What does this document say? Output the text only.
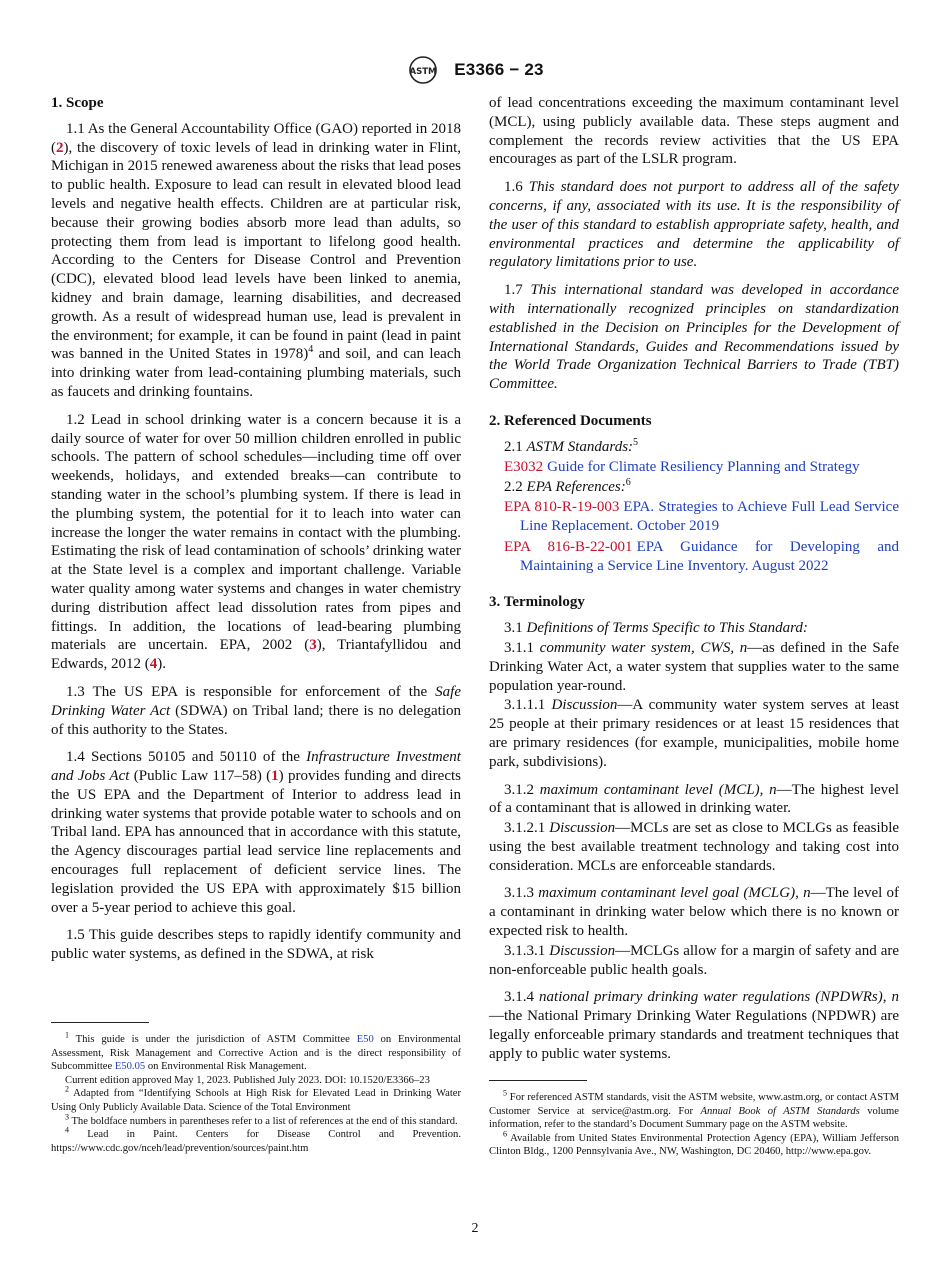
ASTM E3366 − 23
1. Scope

1.1 As the General Accountability Office (GAO) reported in 2018 (2), the discovery of toxic levels of lead in drinking water in Flint, Michigan in 2015 renewed awareness about the risks that lead poses to public health. Exposure to lead can result in elevated blood lead levels and negative health effects. Children are at particular risk, because their growing bodies absorb more lead than adults, so protecting them from lead is important to lifelong good health. According to the Centers for Disease Control and Prevention (CDC), elevated blood lead levels have been linked to anemia, kidney and brain damage, learning disabilities, and decreased growth. As a result of widespread human use, lead is prevalent in the environment; for example, it can be found in paint (lead in paint was banned in the United States in 1978)$^4$ and soil, and can leach into drinking water from lead-containing plumbing materials, such as faucets and drinking fountains.

1.2 Lead in school drinking water is a concern because it is a daily source of water for over 50 million children enrolled in public schools. The pattern of school schedules—including time off over weekends, holidays, and extended breaks—can contribute to standing water in the school’s plumbing system. If there is lead in the plumbing system, the potential for it to leach into water can increase the longer the water remains in contact with the plumbing. Estimating the risk of lead contamination of schools’ drinking water at the State level is a complex and important challenge. Variable water quality among water systems and changes in water chemistry during distribution affect lead dissolution rates from pipes and fittings. In addition, the locations of lead-bearing plumbing materials are uncertain. EPA, 2002 (3), Triantafyllidou and Edwards, 2012 (4).

1.3 The US EPA is responsible for enforcement of the Safe Drinking Water Act (SDWA) on Tribal land; there is no delegation of this authority to the States.

1.4 Sections 50105 and 50110 of the Infrastructure Investment and Jobs Act (Public Law 117–58) (1) provides funding and directs the US EPA and the Department of Interior to address lead in drinking water systems that provide potable water to schools and on Tribal land. EPA has announced that in accordance with this statute, the Agency discourages partial lead service line replacements and encourages full replacement of deficient service lines. The legislation provided the US EPA with approximately $15 billion over a 5-year period to achieve this goal.

1.5 This guide describes steps to rapidly identify community and public water systems, as defined in the SDWA, at risk

of lead concentrations exceeding the maximum contaminant level (MCL), using publicly available data. These steps augment and complement the records review activities that the US EPA encourages as part of the LSLR program.

1.6 This standard does not purport to address all of the safety concerns, if any, associated with its use. It is the responsibility of the user of this standard to establish appropriate safety, health, and environmental practices and determine the applicability of regulatory limitations prior to use.

1.7 This international standard was developed in accordance with internationally recognized principles on standardization established in the Decision on Principles for the Development of International Standards, Guides and Recommendations issued by the World Trade Organization Technical Barriers to Trade (TBT) Committee.

2. Referenced Documents
2.1 ASTM Standards:$^5$
E3032 Guide for Climate Resiliency Planning and Strategy
2.2 EPA References:$^6$
EPA 810-R-19-003 EPA. Strategies to Achieve Full Lead Service Line Replacement. October 2019
EPA 816-B-22-001 EPA Guidance for Developing and Maintaining a Service Line Inventory. August 2022
3. Terminology

3.1 Definitions of Terms Specific to This Standard:

3.1.1 community water system, CWS, n—as defined in the Safe Drinking Water Act, a water system that supplies water to the same population year-round.

3.1.1.1 Discussion—A community water system serves at least 25 people at their primary residences or at least 15 residences that are primary residences (for example, municipalities, mobile home park, subdivisions).

3.1.2 maximum contaminant level (MCL), n—The highest level of a contaminant that is allowed in drinking water.

3.1.2.1 Discussion—MCLs are set as close to MCLGs as feasible using the best available treatment technology and taking cost into consideration. MCLs are enforceable standards.

3.1.3 maximum contaminant level goal (MCLG), n—The level of a contaminant in drinking water below which there is no known or expected risk to health.

3.1.3.1 Discussion—MCLGs allow for a margin of safety and are non-enforceable public health goals.

3.1.4 national primary drinking water regulations (NPDWRs), n—the National Primary Drinking Water Regulations (NPDWR) are legally enforceable primary standards and treatment techniques that apply to public water systems.

$^1$ This guide is under the jurisdiction of ASTM Committee E50 on Environmental Assessment, Risk Management and Corrective Action and is the direct responsibility of Subcommittee E50.05 on Environmental Risk Management.

Current edition approved May 1, 2023. Published July 2023. DOI: 10.1520/E3366–23

$^2$ Adapted from “Identifying Schools at High Risk for Elevated Lead in Drinking Water Using Only Publicly Available Data. Science of the Total Environment

$^3$ The boldface numbers in parentheses refer to a list of references at the end of this standard.

$^4$ Lead in Paint. Centers for Disease Control and Prevention. https://www.cdc.gov/nceh/lead/prevention/sources/paint.htm

$^5$ For referenced ASTM standards, visit the ASTM website, www.astm.org, or contact ASTM Customer Service at service@astm.org. For Annual Book of ASTM Standards volume information, refer to the standard’s Document Summary page on the ASTM website.

$^6$ Available from United States Environmental Protection Agency (EPA), William Jefferson Clinton Bldg., 1200 Pennsylvania Ave., NW, Washington, DC 20460, http://www.epa.gov.

2
